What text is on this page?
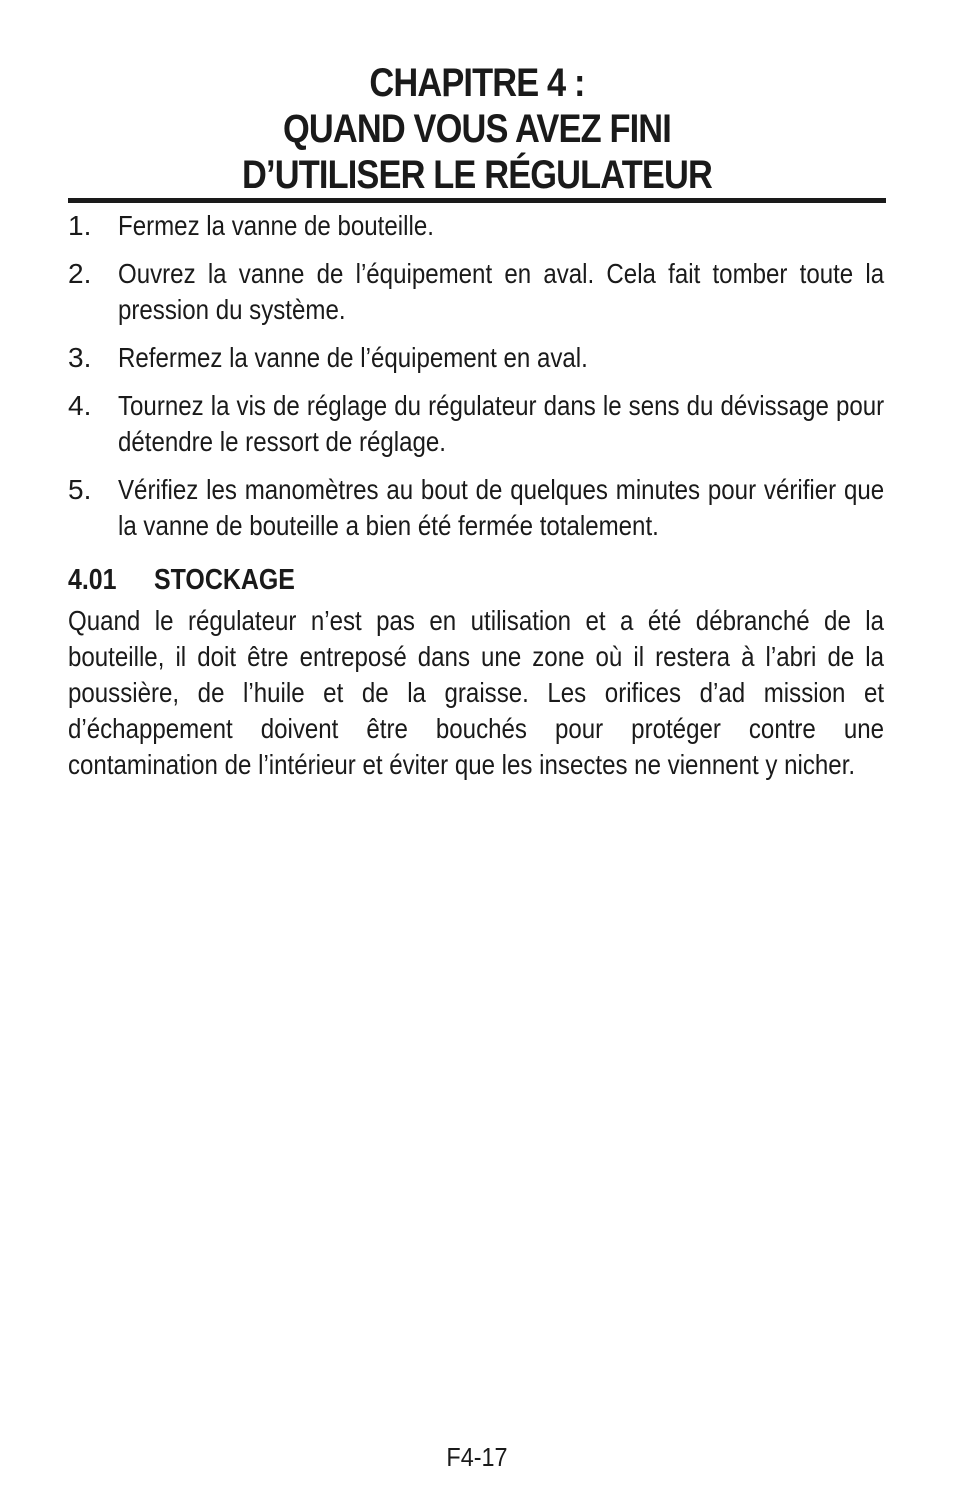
CHAPITRE 4 :
QUAND VOUS AVEZ FINI
D’UTILISER LE RÉGULATEUR
1. Fermez la vanne de bouteille.
2. Ouvrez la vanne de l’équipement en aval. Cela fait tomber toute la pression du système.
3. Refermez la vanne de l’équipement en aval.
4. Tournez la vis de réglage du régulateur dans le sens du dévissage pour détendre le ressort de réglage.
5. Vérifiez les manomètres au bout de quelques minutes pour vérifier que la vanne de bouteille a bien été fermée totalement.
4.01 STOCKAGE

Quand le régulateur n’est pas en utilisation et a été débranché de la bouteille, il doit être entreposé dans une zone où il restera à l’abri de la poussière, de l’huile et de la graisse. Les orifices d’ad mission et d’échappement doivent être bouchés pour protéger contre une contamination de l’intérieur et éviter que les insectes ne viennent y nicher.

F4-17
